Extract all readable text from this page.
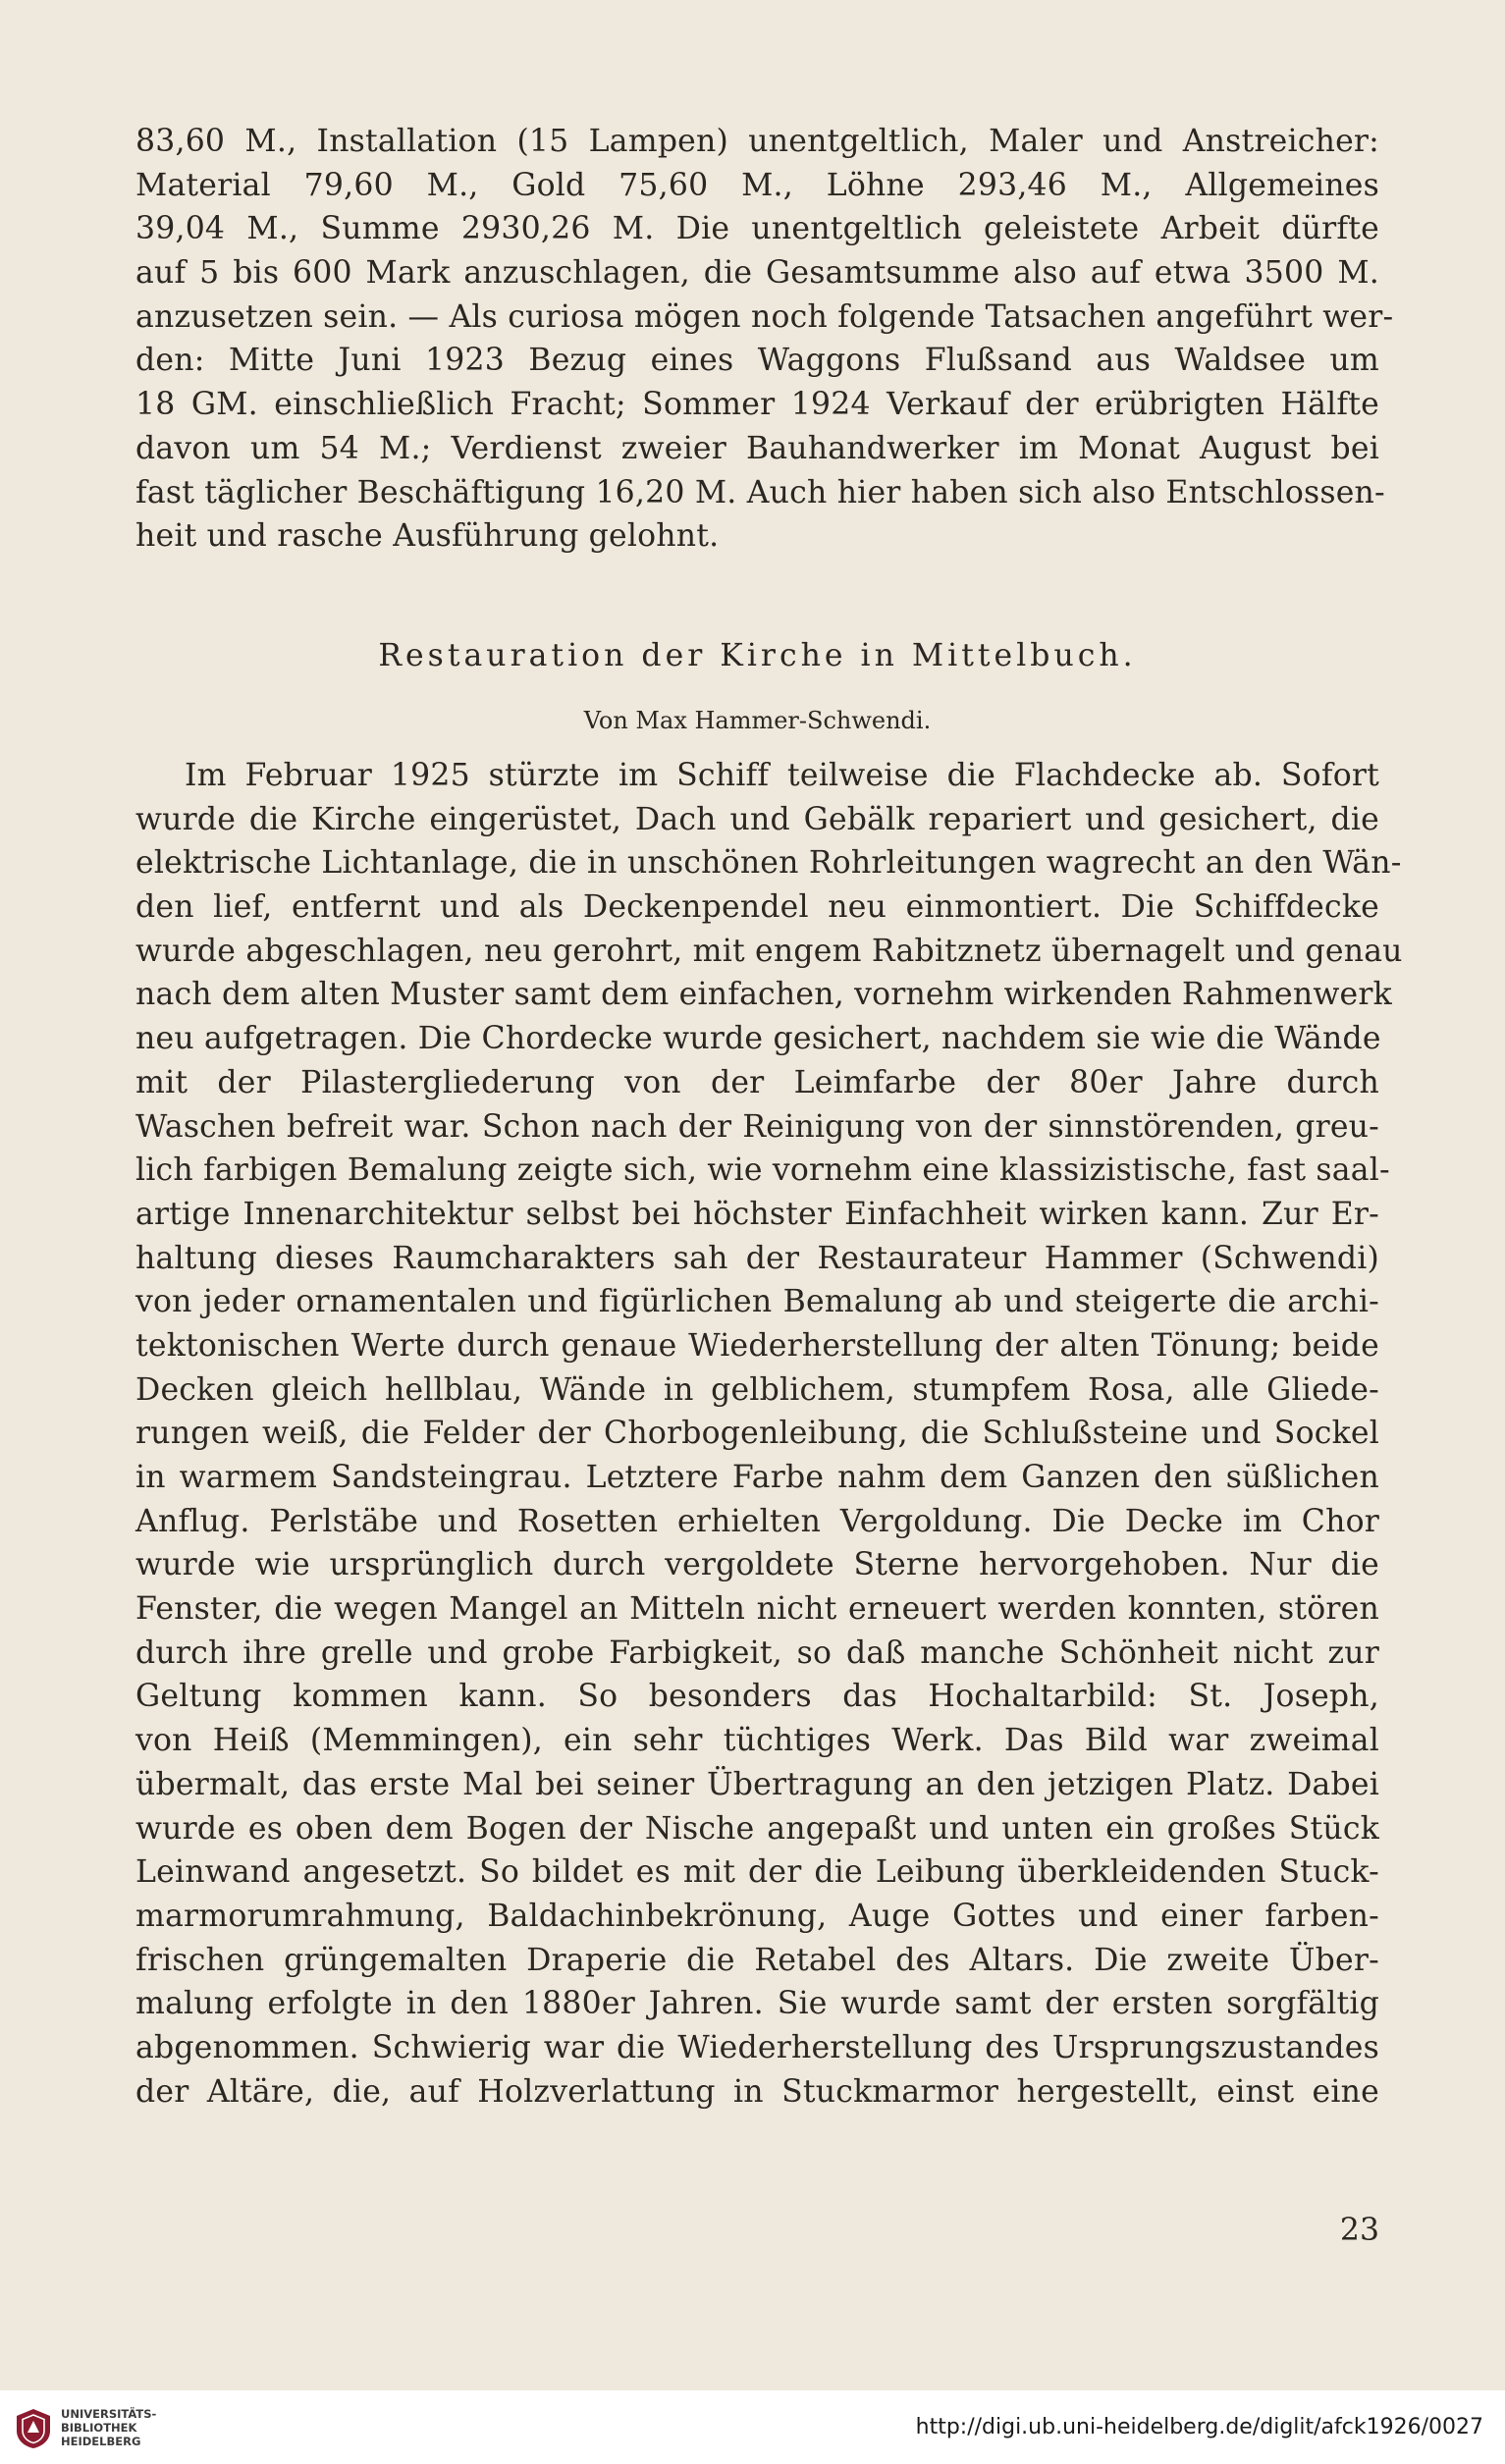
83,60 M., Installation (15 Lampen) unentgeltlich, Maler und Anstreicher:
Material 79,60 M., Gold 75,60 M., Löhne 293,46 M., Allgemeines
39,04 M., Summe 2930,26 M. Die unentgeltlich geleistete Arbeit dürfte
auf 5 bis 600 Mark anzuschlagen, die Gesamtsumme also auf etwa 3500 M.
anzusetzen sein. — Als curiosa mögen noch folgende Tatsachen angeführt wer-
den: Mitte Juni 1923 Bezug eines Waggons Flußsand aus Waldsee um
18 GM. einschließlich Fracht; Sommer 1924 Verkauf der erübrigten Hälfte
davon um 54 M.; Verdienst zweier Bauhandwerker im Monat August bei
fast täglicher Beschäftigung 16,20 M. Auch hier haben sich also Entschlossen-
heit und rasche Ausführung gelohnt.
Restauration der Kirche in Mittelbuch.
Von Max Hammer-Schwendi.
Im Februar 1925 stürzte im Schiff teilweise die Flachdecke ab. Sofort
wurde die Kirche eingerüstet, Dach und Gebälk repariert und gesichert, die
elektrische Lichtanlage, die in unschönen Rohrleitungen wagrecht an den Wän-
den lief, entfernt und als Deckenpendel neu einmontiert. Die Schiffdecke
wurde abgeschlagen, neu gerohrt, mit engem Rabitznetz übernagelt und genau
nach dem alten Muster samt dem einfachen, vornehm wirkenden Rahmenwerk
neu aufgetragen. Die Chordecke wurde gesichert, nachdem sie wie die Wände
mit der Pilastergliederung von der Leimfarbe der 80er Jahre durch
Waschen befreit war. Schon nach der Reinigung von der sinnstörenden, greu-
lich farbigen Bemalung zeigte sich, wie vornehm eine klassizistische, fast saal-
artige Innenarchitektur selbst bei höchster Einfachheit wirken kann. Zur Er-
haltung dieses Raumcharakters sah der Restaurateur Hammer (Schwendi)
von jeder ornamentalen und figürlichen Bemalung ab und steigerte die archi-
tektonischen Werte durch genaue Wiederherstellung der alten Tönung; beide
Decken gleich hellblau, Wände in gelblichem, stumpfem Rosa, alle Gliede-
rungen weiß, die Felder der Chorbogenleibung, die Schlußsteine und Sockel
in warmem Sandsteingrau. Letztere Farbe nahm dem Ganzen den süßlichen
Anflug. Perlstäbe und Rosetten erhielten Vergoldung. Die Decke im Chor
wurde wie ursprünglich durch vergoldete Sterne hervorgehoben. Nur die
Fenster, die wegen Mangel an Mitteln nicht erneuert werden konnten, stören
durch ihre grelle und grobe Farbigkeit, so daß manche Schönheit nicht zur
Geltung kommen kann. So besonders das Hochaltarbild: St. Joseph,
von Heiß (Memmingen), ein sehr tüchtiges Werk. Das Bild war zweimal
übermalt, das erste Mal bei seiner Übertragung an den jetzigen Platz. Dabei
wurde es oben dem Bogen der Nische angepaßt und unten ein großes Stück
Leinwand angesetzt. So bildet es mit der die Leibung überkleidenden Stuck-
marmorumrahmung, Baldachinbekrönung, Auge Gottes und einer farben-
frischen grüngemalten Draperie die Retabel des Altars. Die zweite Über-
malung erfolgte in den 1880er Jahren. Sie wurde samt der ersten sorgfältig
abgenommen. Schwierig war die Wiederherstellung des Ursprungszustandes
der Altäre, die, auf Holzverlattung in Stuckmarmor hergestellt, einst eine
23
UNIVERSITÄTS-
BIBLIOTHEK
HEIDELBERG
http://digi.ub.uni-heidelberg.de/diglit/afck1926/0027
